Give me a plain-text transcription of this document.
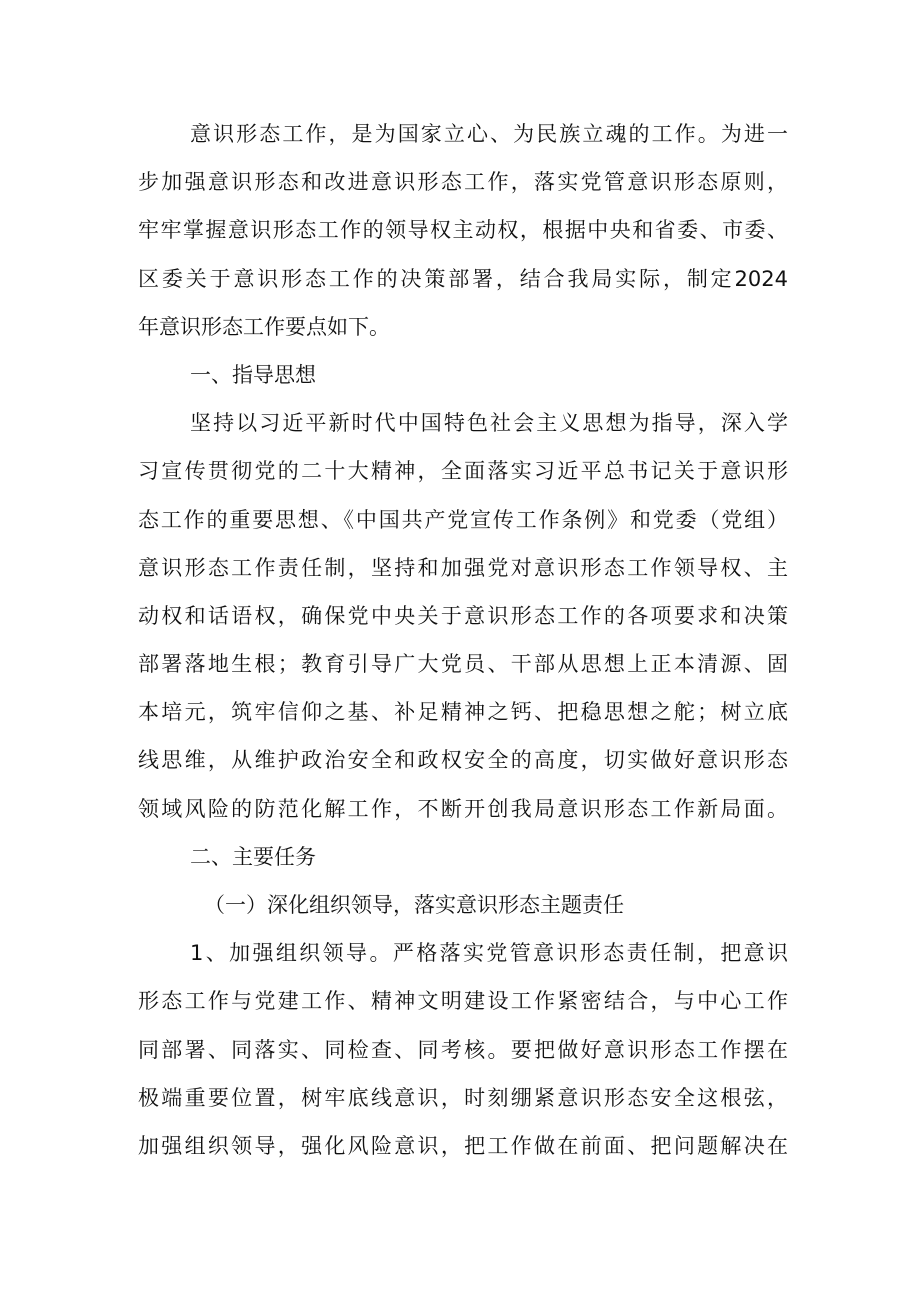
意识形态工作，是为国家立心、为民族立魂的工作。为进一
步加强意识形态和改进意识形态工作，落实党管意识形态原则，
牢牢掌握意识形态工作的领导权主动权，根据中央和省委、市委、
区委关于意识形态工作的决策部署，结合我局实际，制定2024
年意识形态工作要点如下。
一、指导思想
坚持以习近平新时代中国特色社会主义思想为指导，深入学
习宣传贯彻党的二十大精神，全面落实习近平总书记关于意识形
态工作的重要思想、《中国共产党宣传工作条例》和党委（党组）
意识形态工作责任制，坚持和加强党对意识形态工作领导权、主
动权和话语权，确保党中央关于意识形态工作的各项要求和决策
部署落地生根；教育引导广大党员、干部从思想上正本清源、固
本培元，筑牢信仰之基、补足精神之钙、把稳思想之舵；树立底
线思维，从维护政治安全和政权安全的高度，切实做好意识形态
领域风险的防范化解工作，不断开创我局意识形态工作新局面。
二、主要任务
（一）深化组织领导，落实意识形态主题责任
1、加强组织领导。严格落实党管意识形态责任制，把意识
形态工作与党建工作、精神文明建设工作紧密结合，与中心工作
同部署、同落实、同检查、同考核。要把做好意识形态工作摆在
极端重要位置，树牢底线意识，时刻绷紧意识形态安全这根弦，
加强组织领导，强化风险意识，把工作做在前面、把问题解决在
